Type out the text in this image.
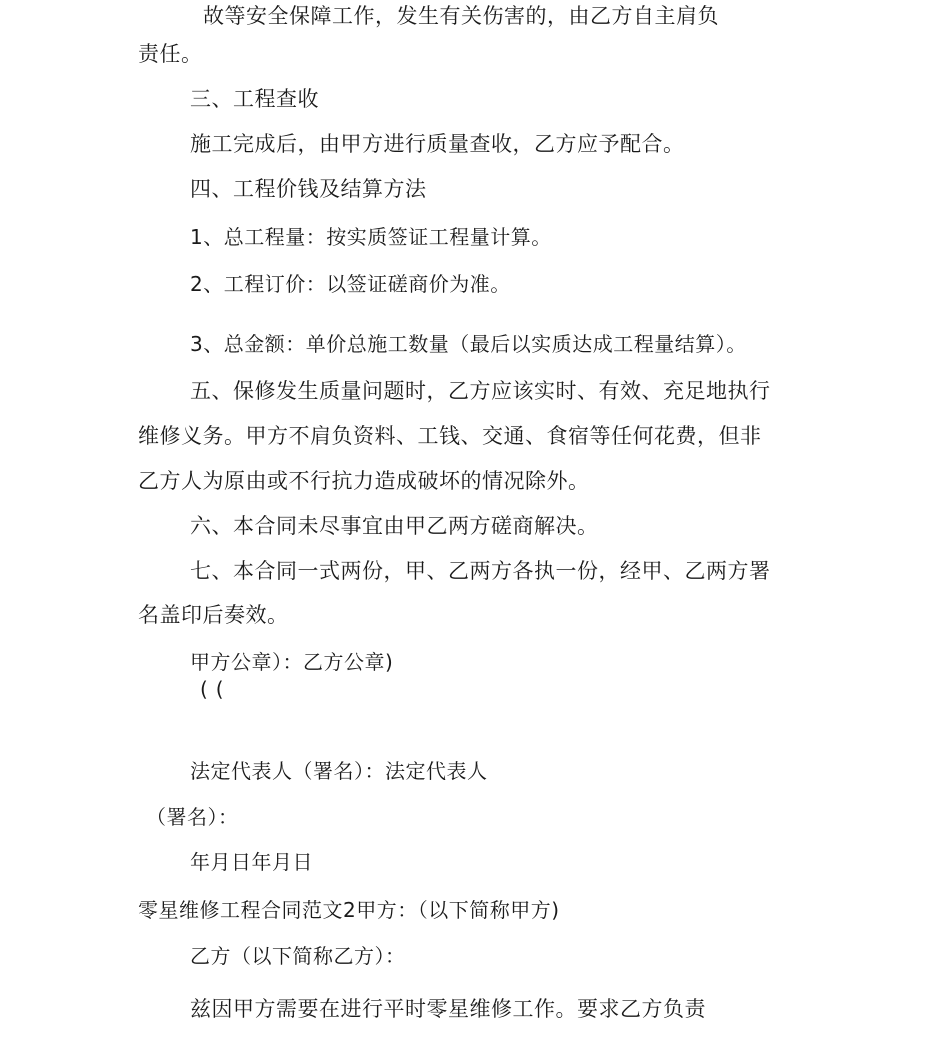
故等安全保障工作，发生有关伤害的，由乙方自主肩负
责任。
三、工程查收
施工完成后，由甲方进行质量查收，乙方应予配合。
四、工程价钱及结算方法
1、总工程量：按实质签证工程量计算。
2、工程订价：以签证磋商价为准。
3、总金额：单价总施工数量（最后以实质达成工程量结算）。
五、保修发生质量问题时，乙方应该实时、有效、充足地执行
维修义务。甲方不肩负资料、工钱、交通、食宿等任何花费，但非
乙方人为原由或不行抗力造成破坏的情况除外。
六、本合同未尽事宜由甲乙两方磋商解决。
七、本合同一式两份，甲、乙两方各执一份，经甲、乙两方署
名盖印后奏效。
甲方公章）：乙方公章)
((
法定代表人（署名）：法定代表人
（署名）：
年月日年月日
零星维修工程合同范文2甲方：（以下简称甲方)
乙方（以下简称乙方）：
兹因甲方需要在进行平时零星维修工作。要求乙方负责
